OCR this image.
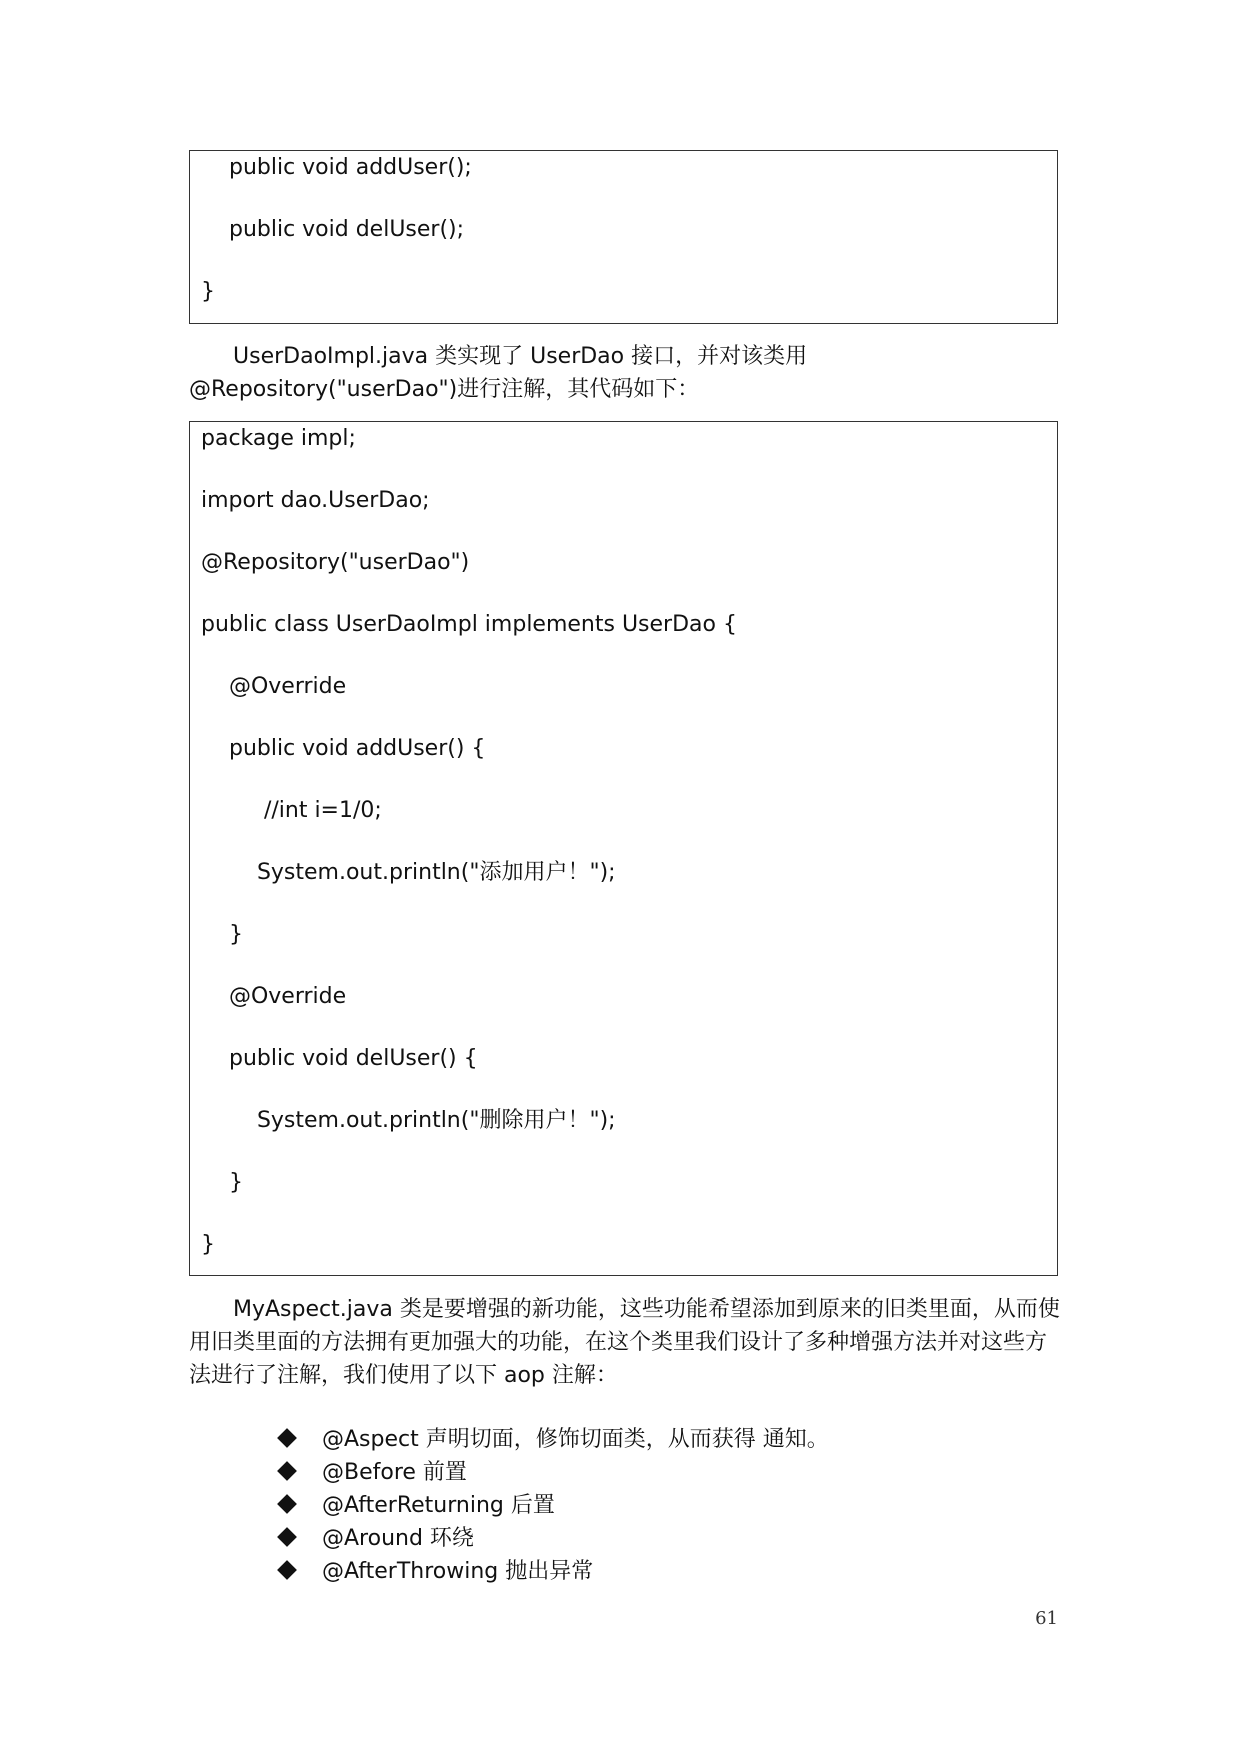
public void addUser();
public void delUser();
}
UserDaoImpl.java 类实现了 UserDao 接口，并对该类用
@Repository("userDao")进行注解，其代码如下：
package impl;
import dao.UserDao;
@Repository("userDao")
public class UserDaoImpl implements UserDao {
@Override
public void addUser() {
//int i=1/0;
System.out.println("添加用户！");
}
@Override
public void delUser() {
System.out.println("删除用户！");
}
}
MyAspect.java 类是要增强的新功能，这些功能希望添加到原来的旧类里面，从而使
用旧类里面的方法拥有更加强大的功能，在这个类里我们设计了多种增强方法并对这些方
法进行了注解，我们使用了以下 aop 注解：
@Aspect 声明切面，修饰切面类，从而获得 通知。
@Before 前置
@AfterReturning 后置
@Around 环绕
@AfterThrowing 抛出异常
61
